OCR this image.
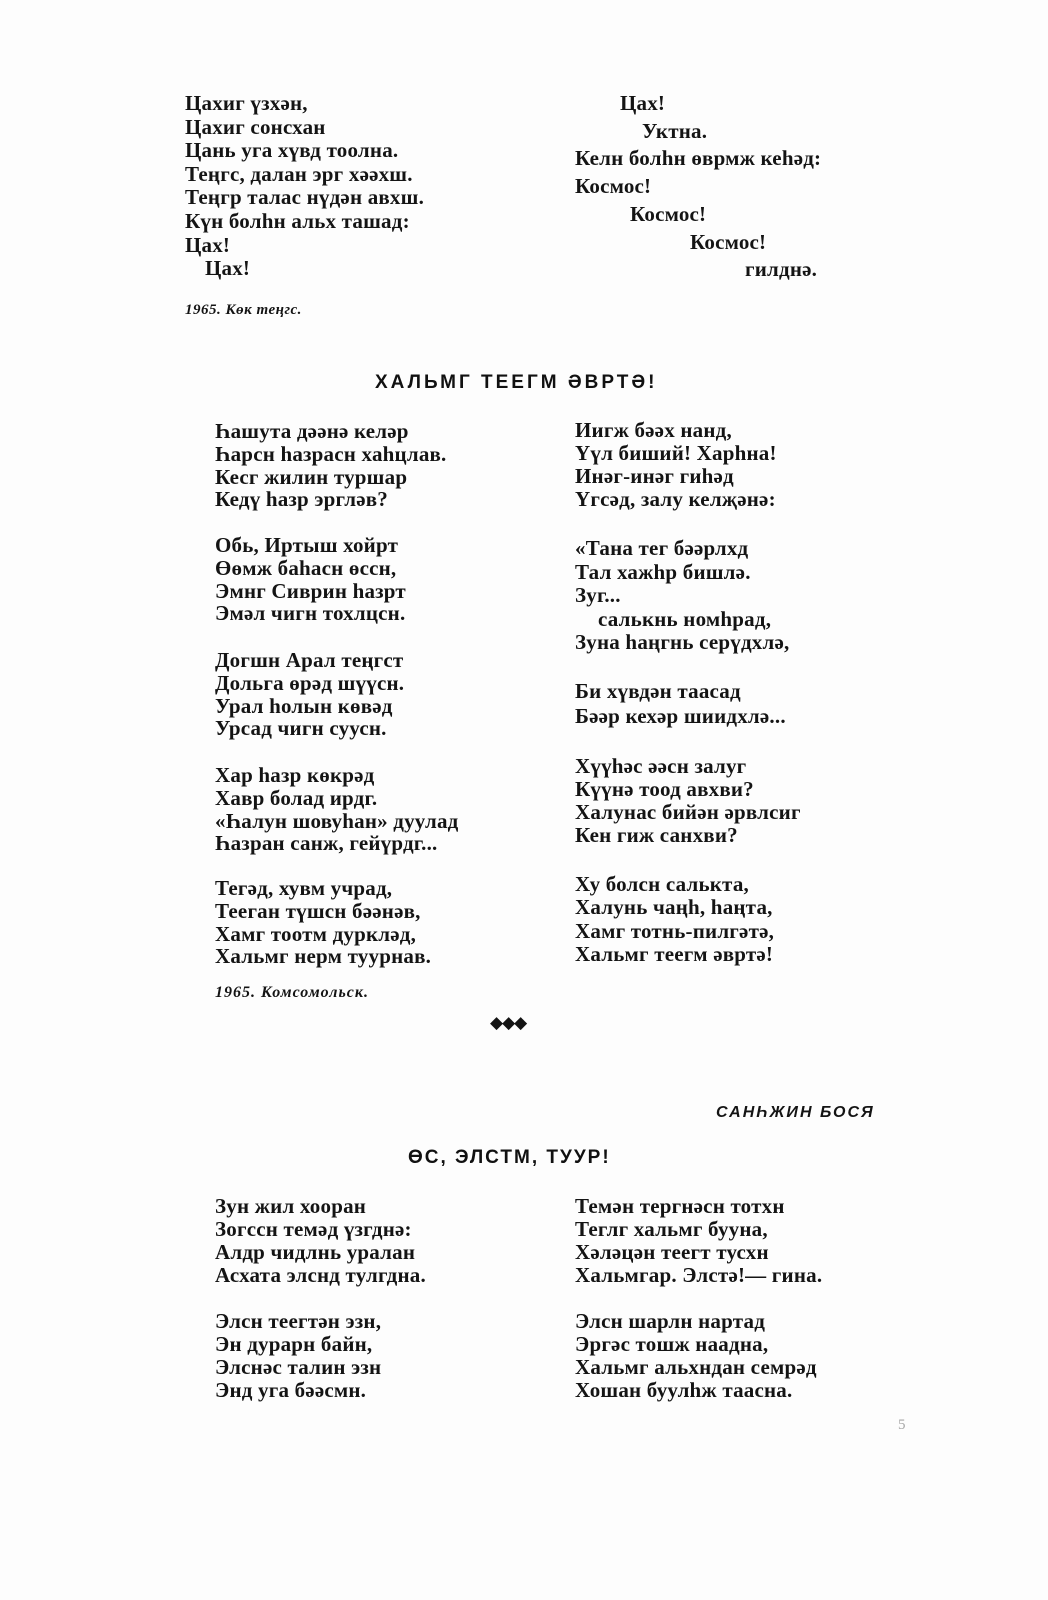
Цахиг үзхән,
Цахиг сонсхан
Цань уга хүвд тоолна.
Теңгс, далан эрг хәәхш.
Теңгр талас нүдән авхш.
Күн болһн альх ташад:
Цах!
Цах!
Цах!
Уктна.
Келн болһн өврмж кеһәд:
Космос!
Космос!
Космос!
гилднә.
1965. Көк теңгс.
ХАЛЬМГ ТЕЕГМ ӘВРТӘ!
Һашута дәәнә келәр
Һарсн һазрасн хаһцлав.
Кесг жилин туршар
Кедү һазр эргләв?
Обь, Иртыш хойрт
Өөмж баһасн өссн,
Эмнг Сиврин һазрт
Эмәл чигн тохлцсн.
Догшн Арал теңгст
Дольга өрәд шүүсн.
Урал һолын көвәд
Урсад чигн суусн.
Хар һазр көкрәд
Хавр болад ирдг.
«Һалун шовуһан» дуулад
Һазран санж, гейүрдг...
Тегәд, хувм учрад,
Тееган түшсн бәәнәв,
Хамг тоотм дуркләд,
Хальмг нерм туурнав.
Иигж бәәх нанд,
Үүл биший! Харһна!
Инәг-инәг гиһәд
Үгсәд, залу келҗәнә:
«Тана тег бәәрлхд
Тал хажһр бишлә.
Зуг...
салькнь номһрад,
Зуна һаңгнь серүдхлә,
Би хүвдән таасад
Бәәр кехәр шиидхлә...
Хүүһәс әәсн залуг
Күүнә тоод авхви?
Халунас бийән әрвлсиг
Кен гиж санхви?
Ху болсн салькта,
Халунь чаңһ, һаңта,
Хамг тотнь-пилгәтә,
Хальмг теегм әвртә!
1965. Комсомольск.
◆◆◆
САНҺЖИН БОСЯ
ӨС, ЭЛСТМ, ТУУР!
Зун жил хооран
Зогссн темәд үзгднә:
Алдр чидлнь уралан
Асхата элснд тулгдна.
Элсн теегтән эзн,
Эн дурарн байн,
Элснәс талин эзн
Энд уга бәәсмн.
Темән тергнәсн тотхн
Теглг хальмг бууна,
Хәләцән теегт тусхн
Хальмгар. Элстә!— гина.
Элсн шарлн нартад
Эргәс тошж наадна,
Хальмг альхндан семрәд
Хошан буулһж таасна.
5
